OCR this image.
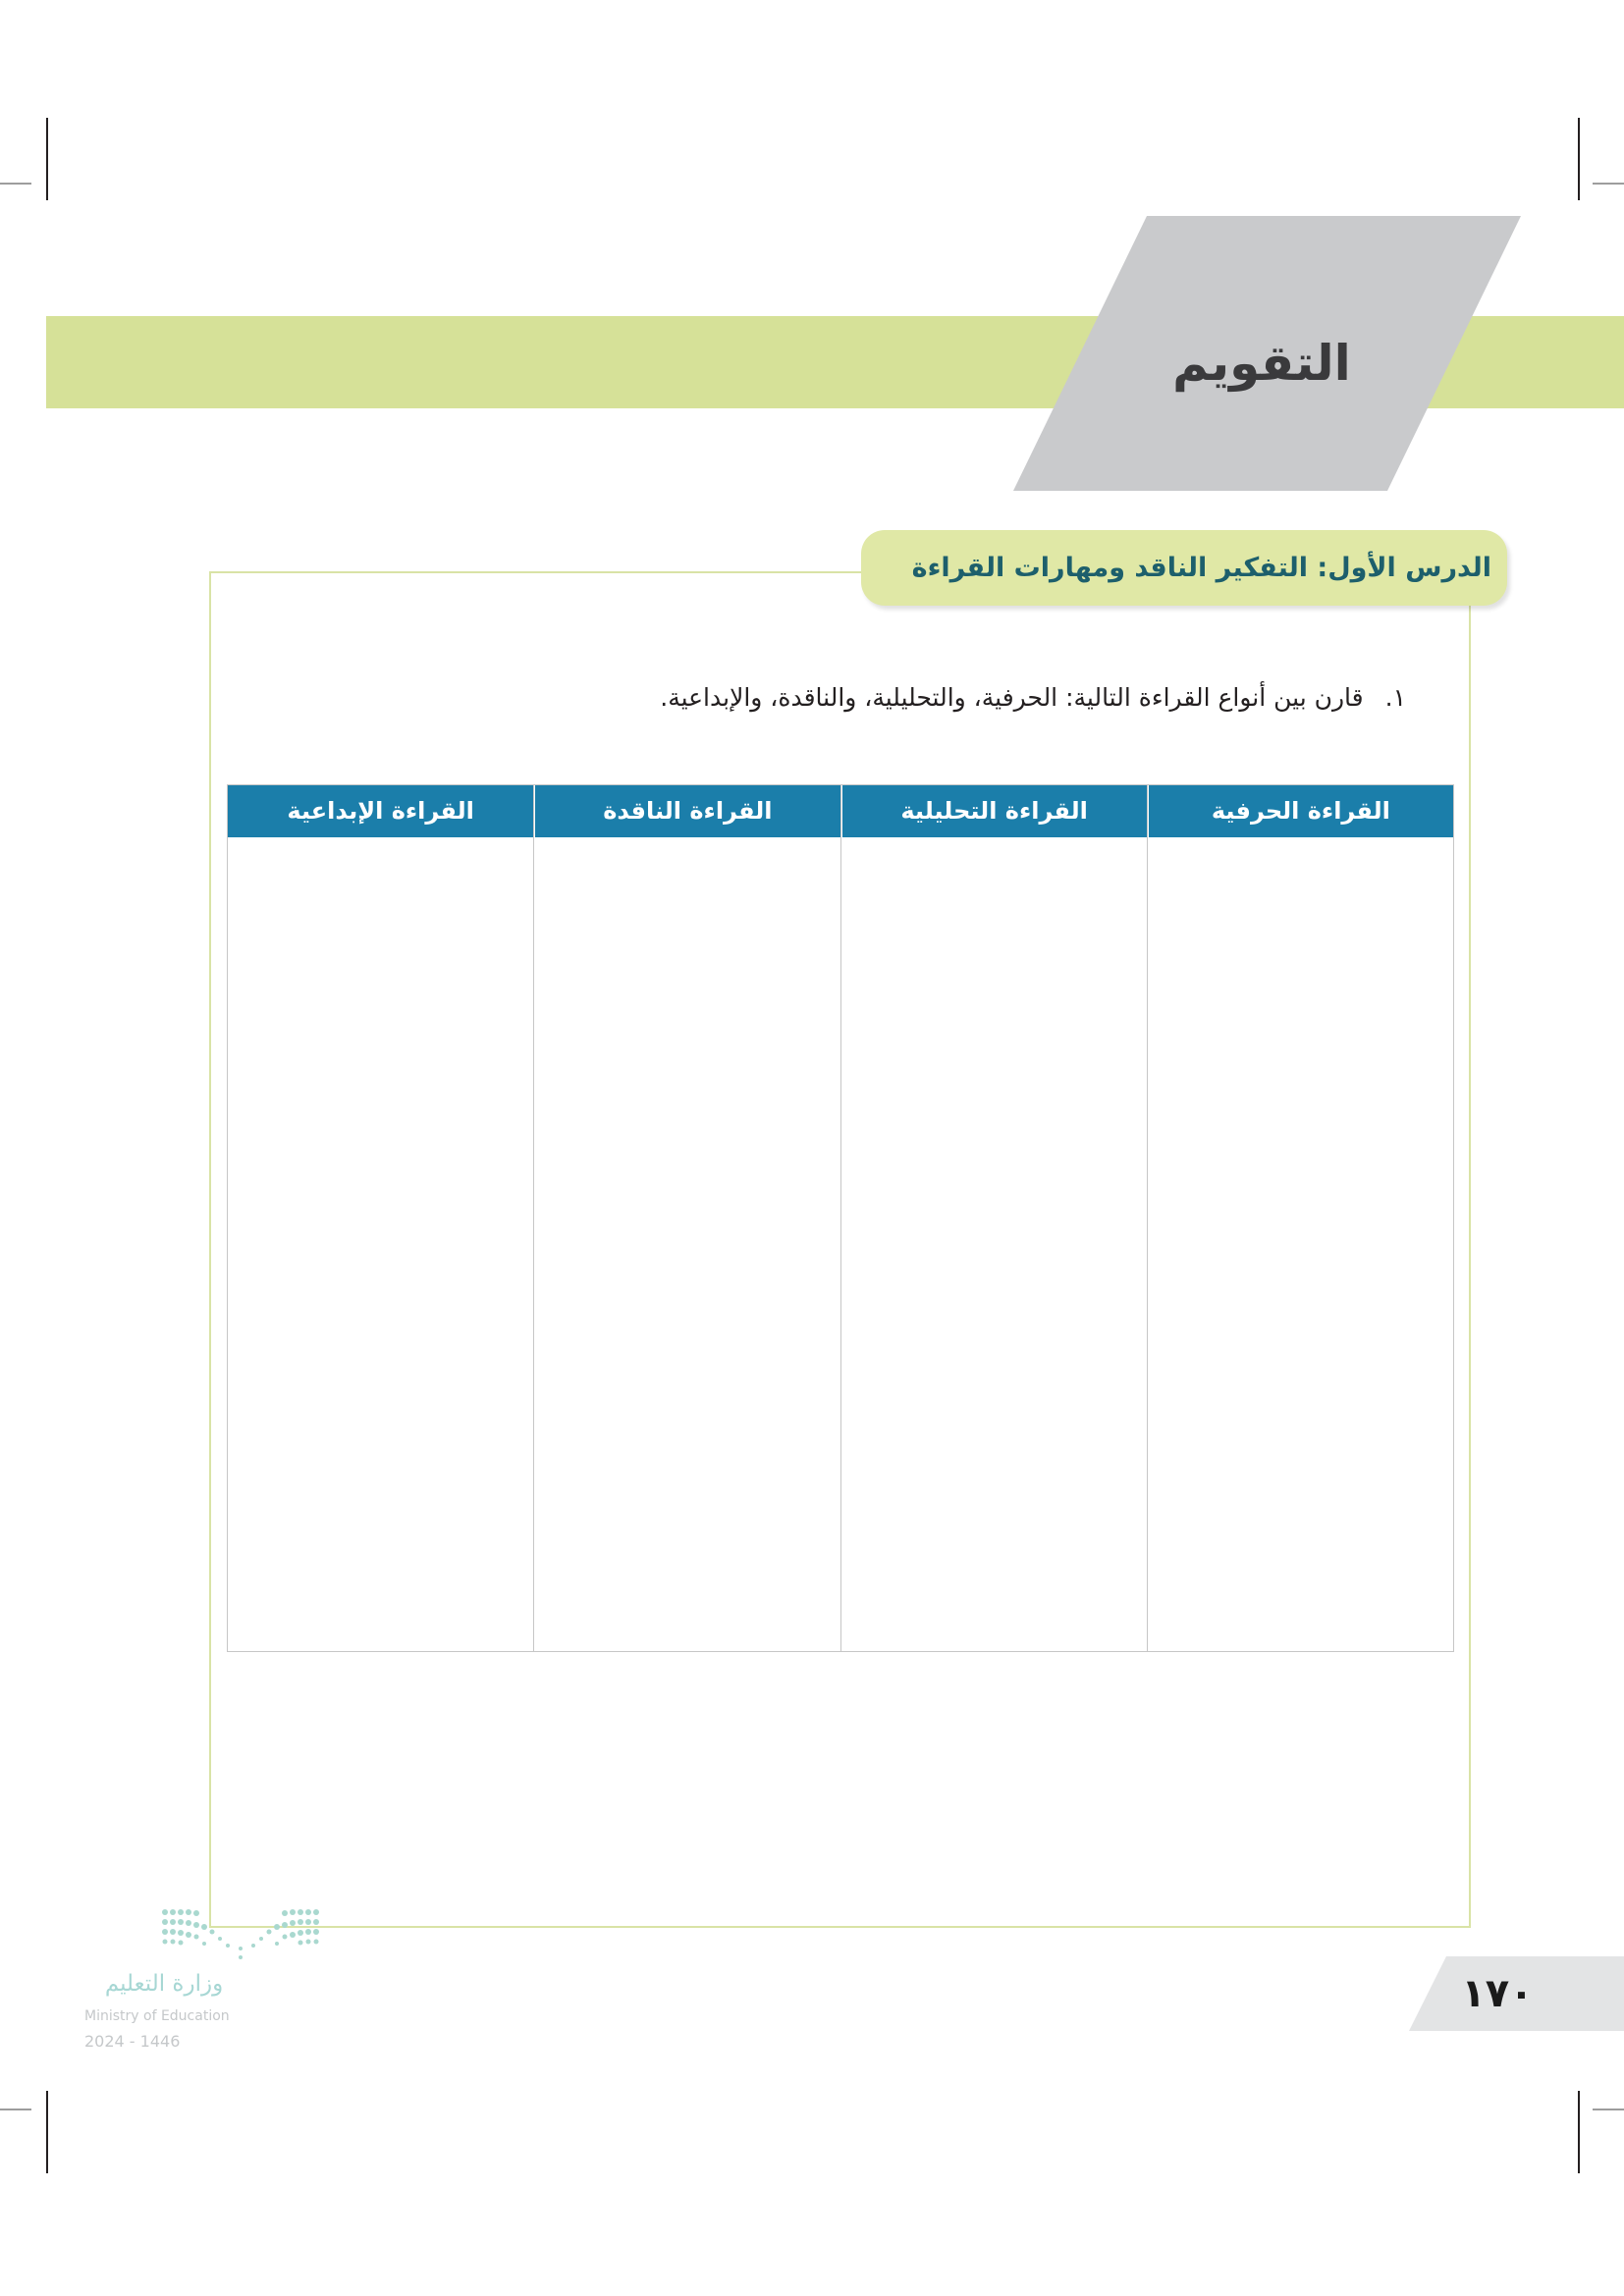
التقويم
الدرس الأول: التفكير الناقد ومهارات القراءة
١.قارن بين أنواع القراءة التالية: الحرفية، والتحليلية، والناقدة، والإبداعية.
القراءة الحرفية
القراءة التحليلية
القراءة الناقدة
القراءة الإبداعية
١٧٠
وزارة التعليم
Ministry of Education
2024 - 1446
